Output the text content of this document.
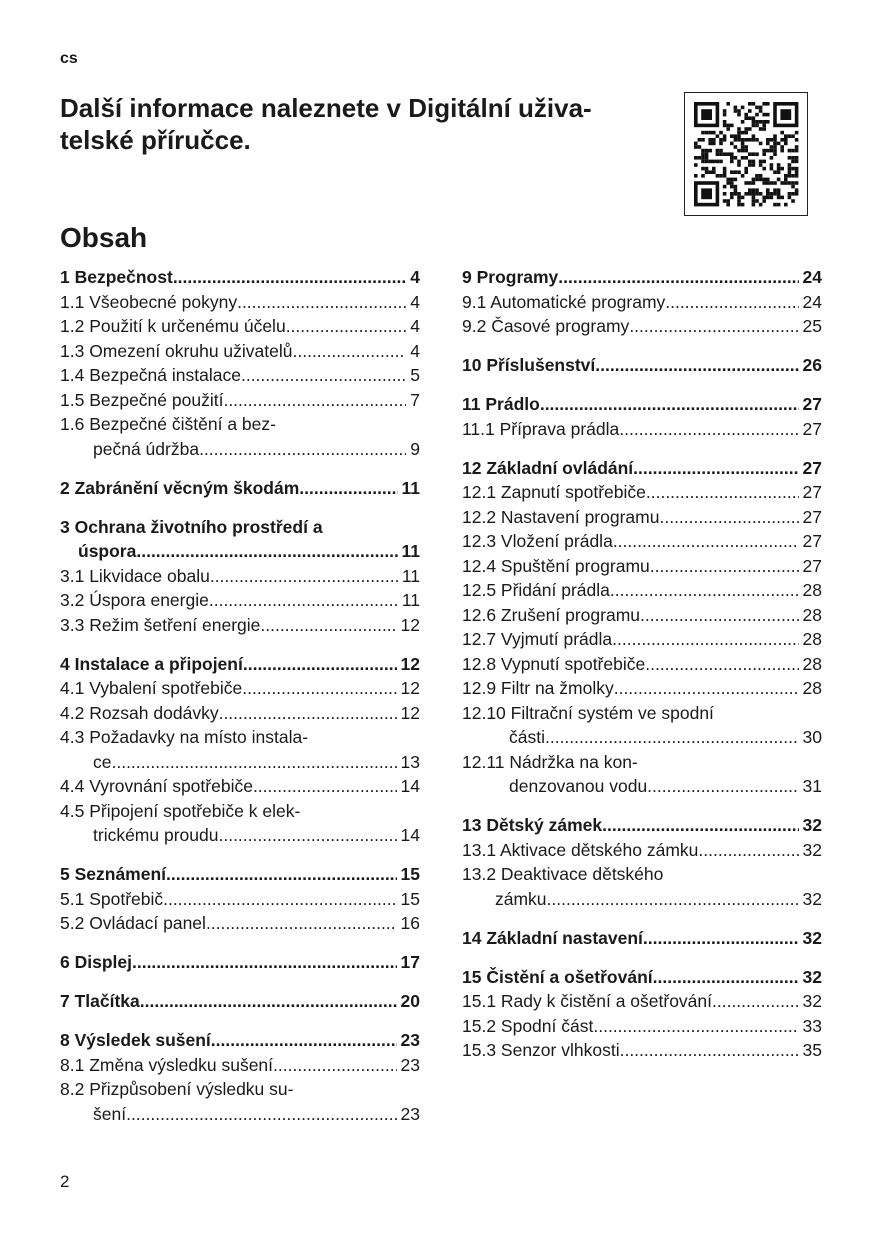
cs
Další informace naleznete v Digitální uživa-
telské příručce.
Obsah
1 Bezpečnost .....	4
1.1 Všeobecné pokyny .....	4
1.2 Použití k určenému účelu .....	4
1.3 Omezení okruhu uživatelů .....	4
1.4 Bezpečná instalace .....	5
1.5 Bezpečné použití .....	7
1.6 Bezpečné čištění a bez-
pečná údržba .....	9
2 Zabránění věcným škodám .....	11
3 Ochrana životního prostředí a
úspora .....	11
3.1 Likvidace obalu .....	11
3.2 Úspora energie .....	11
3.3 Režim šetření energie .....	12
4 Instalace a připojení .....	12
4.1 Vybalení spotřebiče .....	12
4.2 Rozsah dodávky .....	12
4.3 Požadavky na místo instala-
ce .....	13
4.4 Vyrovnání spotřebiče .....	14
4.5 Připojení spotřebiče k elek-
trickému proudu .....	14
5 Seznámení .....	15
5.1 Spotřebič .....	15
5.2 Ovládací panel .....	16
6 Displej .....	17
7 Tlačítka .....	20
8 Výsledek sušení .....	23
8.1 Změna výsledku sušení .....	23
8.2 Přizpůsobení výsledku su-
šení .....	23
9 Programy .....	24
9.1 Automatické programy .....	24
9.2 Časové programy .....	25
10 Příslušenství .....	26
11 Prádlo .....	27
11.1 Příprava prádla .....	27
12 Základní ovládání .....	27
12.1 Zapnutí spotřebiče .....	27
12.2 Nastavení programu .....	27
12.3 Vložení prádla .....	27
12.4 Spuštění programu .....	27
12.5 Přidání prádla .....	28
12.6 Zrušení programu .....	28
12.7 Vyjmutí prádla .....	28
12.8 Vypnutí spotřebiče .....	28
12.9 Filtr na žmolky .....	28
12.10 Filtrační systém ve spodní
části .....	30
12.11 Nádržka na kon-
denzovanou vodu .....	31
13 Dětský zámek .....	32
13.1 Aktivace dětského zámku .....	32
13.2 Deaktivace dětského
zámku .....	32
14 Základní nastavení .....	32
15 Čistění a ošetřování .....	32
15.1 Rady k čistění a ošetřování .....	32
15.2 Spodní část .....	33
15.3 Senzor vlhkosti .....	35
2
